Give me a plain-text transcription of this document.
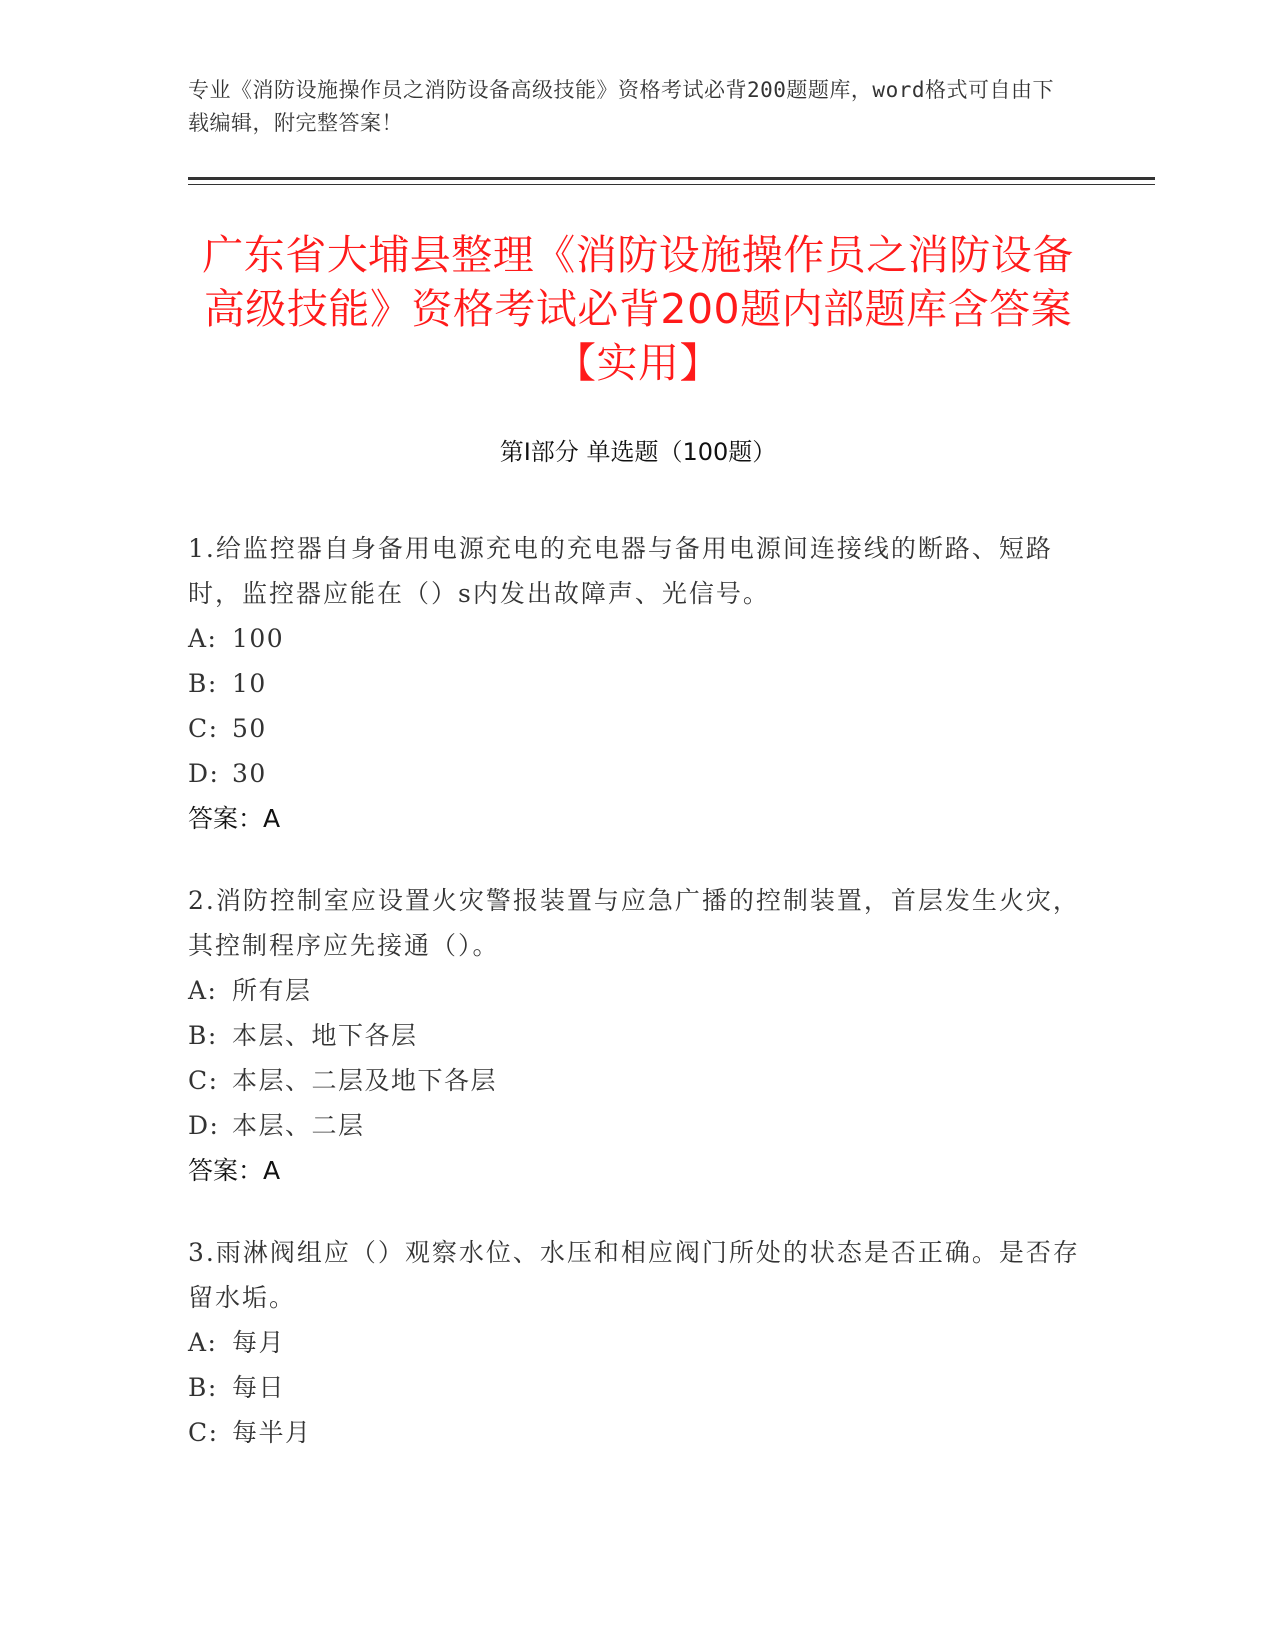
专业《消防设施操作员之消防设备高级技能》资格考试必背200题题库，word格式可自由下载编辑，附完整答案！
广东省大埔县整理《消防设施操作员之消防设备高级技能》资格考试必背200题内部题库含答案【实用】
第Ⅰ部分 单选题（100题）

1.给监控器自身备用电源充电的充电器与备用电源间连接线的断路、短路时，监控器应能在（）s内发出故障声、光信号。

A: 100

B: 10

C: 50

D: 30

答案：A

2.消防控制室应设置火灾警报装置与应急广播的控制装置，首层发生火灾，其控制程序应先接通（）。

A: 所有层

B: 本层、地下各层

C: 本层、二层及地下各层

D: 本层、二层

答案：A

3.雨淋阀组应（）观察水位、水压和相应阀门所处的状态是否正确。是否存留水垢。

A: 每月

B: 每日

C: 每半月
